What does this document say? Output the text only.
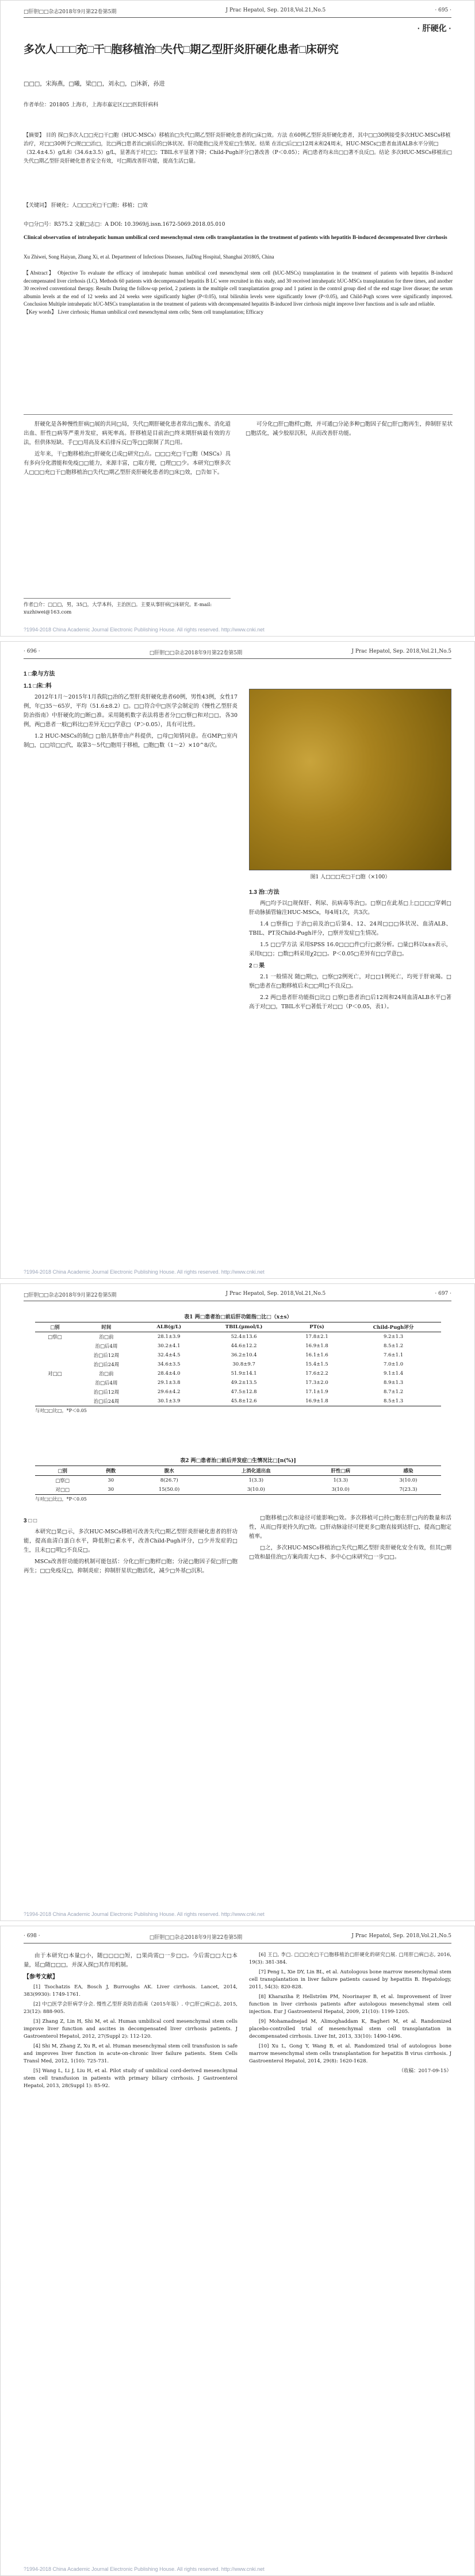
□肝胆□□杂志2018年9月第22卷第5期	J Prac Hepatol, Sep. 2018,Vol.21,No.5	· 695 ·
· 肝硬化 ·
多次人□□□充□干□胞移植治□失代□期乙型肝炎肝硬化患者□床研究
□□□，宋海燕，□曦，梁□□，刘永□，□沐新，孙进
作者单位：201805 上海市，上海市嘉定区□□医院肝病科
【摘要】 目的 探□多次人□□充□干□胞（HUC-MSCs）移植治□失代□期乙型肝炎肝硬化患者的□床□效。方法 在60例乙型肝炎肝硬化患者，其中□□30例接受多次HUC-MSCs移植治疗，对□□30例予□规□□治□，比□两□患者治□前后的□体状况、肝功能指□及并发症□生情况。结果 在治□后□□12周末和24周末，HUC-MSCs□患者血清ALB水平分别□（32.4±4.5）g/L和（34.6±3.5）g/L，显著高于对□□；TBIL水平显著下降；Child-Pugh评分□著改善（P＜0.05）；两□患者均未出□□著不良反□。结论 多次HUC-MSCs移植治□失代□期乙型肝炎肝硬化患者安全有效，可□期改善肝功能，提高生活□量。
【关键词】 肝硬化；人□□□充□干□胞；移植；□效
中□分□号：R575.2 文献□志□：A DOI: 10.3969/j.issn.1672-5069.2018.05.010
Clinical observation of intrahepatic human umbilical cord mesenchymal stem cells transplantation in the treatment of patients with hepatitis B-induced decompensated liver cirrhosis
Xu Zhiwei, Song Haiyan, Zhang Xi, et al. Department of Infectious Diseases, JiaDing Hospital, Shanghai 201805, China
【Abstract】 Objective To evaluate the efficacy of intrahepatic human umbilical cord mesenchymal stem cell (hUC-MSCs) transplantation in the treatment of patients with hepatitis B-induced decompensated liver cirrhosis (LC). Methods 60 patients with decompensated hepatitis B LC were recruited in this study, and 30 received intrahepatic hUC-MSCs transplantation for three times, and another 30 received conventional therapy. Results During the follow-up period, 2 patients in the multiple cell transplantation group and 1 patient in the control group died of the end stage liver disease; the serum albumin levels at the end of 12 weeks and 24 weeks were significantly higher (P<0.05), total bilirubin levels were significantly lower (P<0.05), and Child-Pugh scores were significantly improved. Conclusion Multiple intrahepatic hUC-MSCs transplantation in the treatment of patients with decompensated hepatitis B-induced liver cirrhosis might improve liver functions and is safe and reliable.
【Key words】 Liver cirrhosis; Human umbilical cord mesenchymal stem cells; Stem cell transplantation; Efficacy

肝硬化是各种慢性肝病□展的共同□局，失代□期肝硬化患者常出□腹水、消化道出血、肝性□病等严重并发症，病死率高。肝移植是目前治□终末期肝病最有效的方法，但供体短缺、手□□用高及术后排斥反□等□□限制了其□用。

近年来，干□胞移植治□肝硬化已成□研究□点。□□□充□干□胞（MSCs）具有多向分化潜能和免疫□□能力，来源丰富，□取方便，□理□□少。本研究□察多次人□□□充□干□胞移植治□失代□期乙型肝炎肝硬化患者的□床□效，□告如下。

可分化□肝□胞样□胞，并可通□分泌多种□胞因子促□肝□胞再生，抑制肝星状□胞活化，减少胶原沉积，从而改善肝功能。

作者□介：□□□，男，35□，大学本科，主治医□。主要从事肝病□床研究。E-mail: xuzhiwei@163.com
?1994-2018 China Academic Journal Electronic Publishing House. All rights reserved. http://www.cnki.net
· 696 ·	□肝胆□□杂志2018年9月第22卷第5期	J Prac Hepatol, Sep. 2018,Vol.21,No.5
1 □象与方法
1.1 □床□料

2012年1月～2015年1月我院□治的乙型肝炎肝硬化患者60例，男性43例，女性17例，年□35～65岁，平均（51.6±8.2）□。□□符合中□医学会制定的《慢性乙型肝炎防治指南》中肝硬化的□断□准。采用随机数字表法将患者分□□察□和对□□，各30例，两□患者一般□料比□差异无□□学意□（P＞0.05），具有可比性。

1.2 HUC-MSCs的制□ □胎儿脐带由产科提供，□母□知情同意。在GMP□室内制□，□□培□□代，取第3～5代□胞用于移植，□胞□数（1～2）×10^8/次。

图1 人□□□充□干□胞（×100）
1.3 治□方法

两□均予以□规保肝、利尿、抗病毒等治□。□察□在此基□上□□□□穿刺□肝动脉插管输注HUC-MSCs，每4周1次，共3次。

1.4 □察指□ 于治□前及治□后第4、12、24周□□□体状况、血清ALB、TBIL、PT及Child-Pugh评分，□察并发症□生情况。

1.5 □□学方法 采用SPSS 16.0□□□件□行□据分析。□量□料以x±s表示，采用t□□；□数□料采用χ2□□。P＜0.05□差异有□□学意□。

2 □ 果

2.1 一般情况 随□期□，□察□2例死亡，对□□1例死亡，均死于肝衰竭。□察□患者在□胞移植后未□□明□不良反□。

2.2 两□患者肝功能指□比□ □察□患者治□后12周和24周血清ALB水平□著高于对□□，TBIL水平□著低于对□□（P＜0.05，表1）。

?1994-2018 China Academic Journal Electronic Publishing House. All rights reserved. http://www.cnki.net
□肝胆□□杂志2018年9月第22卷第5期	J Prac Hepatol, Sep. 2018,Vol.21,No.5	· 697 ·
表1 两□患者治□前后肝功能指□比□（x±s）
□别	时间	ALB(g/L)	TBIL(μmol/L)	PT(s)	Child-Pugh评分
□察□	治□前	28.1±3.9	52.4±13.6	17.8±2.1	9.2±1.3
	治□后4周	30.2±4.1	44.6±12.2	16.9±1.8	8.5±1.2
	治□后12周	32.4±4.5	36.2±10.4	16.1±1.6	7.6±1.1
	治□后24周	34.6±3.5	30.8±9.7	15.4±1.5	7.0±1.0
对□□	治□前	28.4±4.0	51.9±14.1	17.6±2.2	9.1±1.4
	治□后4周	29.1±3.8	49.2±13.5	17.3±2.0	8.9±1.3
	治□后12周	29.6±4.2	47.5±12.8	17.1±1.9	8.7±1.2
	治□后24周	30.1±3.9	45.8±12.6	16.9±1.8	8.5±1.3
与对□□比□，*P＜0.05
表2 两□患者治□前后并发症□生情况比□[n(%)]
□别	例数	腹水	上消化道出血	肝性□病	感染
□察□	30	8(26.7)	1(3.3)	1(3.3)	3(10.0)
对□□	30	15(50.0)	3(10.0)	3(10.0)	7(23.3)
与对□□比□，*P＜0.05
3 □ □

本研究□果□示，多次HUC-MSCs移植可改善失代□期乙型肝炎肝硬化患者的肝功能，提高血清白蛋白水平，降低胆□素水平，改善Child-Pugh评分，□少并发症的□生，且未□□明□不良反□。

MSCs改善肝功能的机制可能包括：分化□肝□胞样□胞；分泌□胞因子促□肝□胞再生；□□免疫反□，抑制炎症；抑制肝星状□胞活化，减少□外基□沉积。

□胞移植□次和途径可能影响□效。多次移植可□持□胞在肝□内的数量和活性，从而□得更持久的□效。□肝动脉途径可使更多□胞直接到达肝□，提高□胞定植率。

□之，多次HUC-MSCs移植治□失代□期乙型肝炎肝硬化安全有效，但其□期□效和最佳治□方案尚需大□本、多中心□床研究□一步□□。

?1994-2018 China Academic Journal Electronic Publishing House. All rights reserved. http://www.cnki.net
· 698 ·	□肝胆□□杂志2018年9月第22卷第5期	J Prac Hepatol, Sep. 2018,Vol.21,No.5

由于本研究□本量□小，随□□□□短，□果尚需□一步□□。今后需□□大□本量，延□随□□□，并深入探□其作用机制。

【参考文献】

[1] Tsochatzis EA, Bosch J, Burroughs AK. Liver cirrhosis. Lancet, 2014, 383(9930): 1749-1761.

[2] 中□医学会肝病学分会. 慢性乙型肝炎防治指南（2015年版）. 中□肝□病□志, 2015, 23(12): 888-905.

[3] Zhang Z, Lin H, Shi M, et al. Human umbilical cord mesenchymal stem cells improve liver function and ascites in decompensated liver cirrhosis patients. J Gastroenterol Hepatol, 2012, 27(Suppl 2): 112-120.

[4] Shi M, Zhang Z, Xu R, et al. Human mesenchymal stem cell transfusion is safe and improves liver function in acute-on-chronic liver failure patients. Stem Cells Transl Med, 2012, 1(10): 725-731.

[5] Wang L, Li J, Liu H, et al. Pilot study of umbilical cord-derived mesenchymal stem cell transfusion in patients with primary biliary cirrhosis. J Gastroenterol Hepatol, 2013, 28(Suppl 1): 85-92.

[6] 王□, 李□. □□□充□干□胞移植治□肝硬化的研究□展. □用肝□病□志, 2016, 19(3): 381-384.

[7] Peng L, Xie DY, Lin BL, et al. Autologous bone marrow mesenchymal stem cell transplantation in liver failure patients caused by hepatitis B. Hepatology, 2011, 54(3): 820-828.

[8] Kharaziha P, Hellström PM, Noorinayer B, et al. Improvement of liver function in liver cirrhosis patients after autologous mesenchymal stem cell injection. Eur J Gastroenterol Hepatol, 2009, 21(10): 1199-1205.

[9] Mohamadnejad M, Alimoghaddam K, Bagheri M, et al. Randomized placebo-controlled trial of mesenchymal stem cell transplantation in decompensated cirrhosis. Liver Int, 2013, 33(10): 1490-1496.

[10] Xu L, Gong Y, Wang B, et al. Randomized trial of autologous bone marrow mesenchymal stem cells transplantation for hepatitis B virus cirrhosis. J Gastroenterol Hepatol, 2014, 29(8): 1620-1628.

（收稿：2017-09-15）

?1994-2018 China Academic Journal Electronic Publishing House. All rights reserved. http://www.cnki.net
